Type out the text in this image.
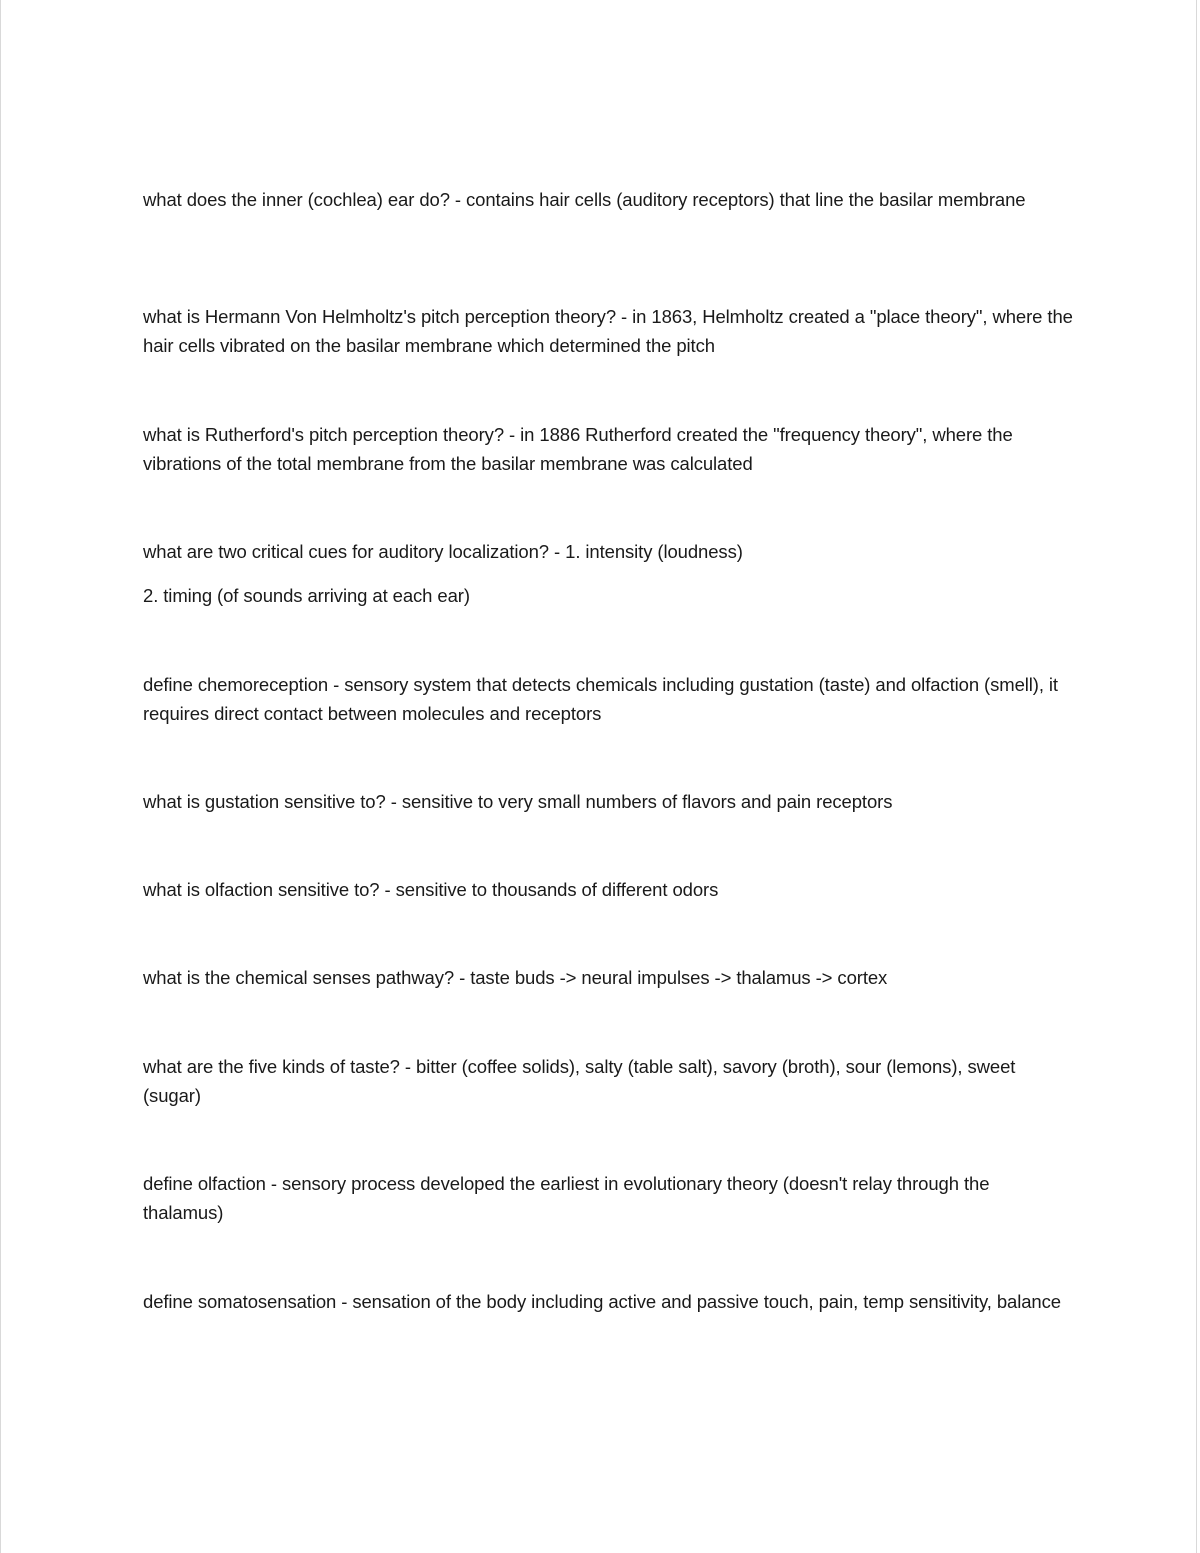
what does the inner (cochlea) ear do? - contains hair cells (auditory receptors) that line the basilar membrane

what is Hermann Von Helmholtz's pitch perception theory? - in 1863, Helmholtz created a "place theory", where the hair cells vibrated on the basilar membrane which determined the pitch

what is Rutherford's pitch perception theory? - in 1886 Rutherford created the "frequency theory", where the vibrations of the total membrane from the basilar membrane was calculated

what are two critical cues for auditory localization? - 1. intensity (loudness)
2. timing (of sounds arriving at each ear)

define chemoreception - sensory system that detects chemicals including gustation (taste) and olfaction (smell), it requires direct contact between molecules and receptors

what is gustation sensitive to? - sensitive to very small numbers of flavors and pain receptors

what is olfaction sensitive to? - sensitive to thousands of different odors

what is the chemical senses pathway? - taste buds -> neural impulses -> thalamus -> cortex

what are the five kinds of taste? - bitter (coffee solids), salty (table salt), savory (broth), sour (lemons), sweet (sugar)

define olfaction - sensory process developed the earliest in evolutionary theory (doesn't relay through the thalamus)

define somatosensation - sensation of the body including active and passive touch, pain, temp sensitivity, balance
